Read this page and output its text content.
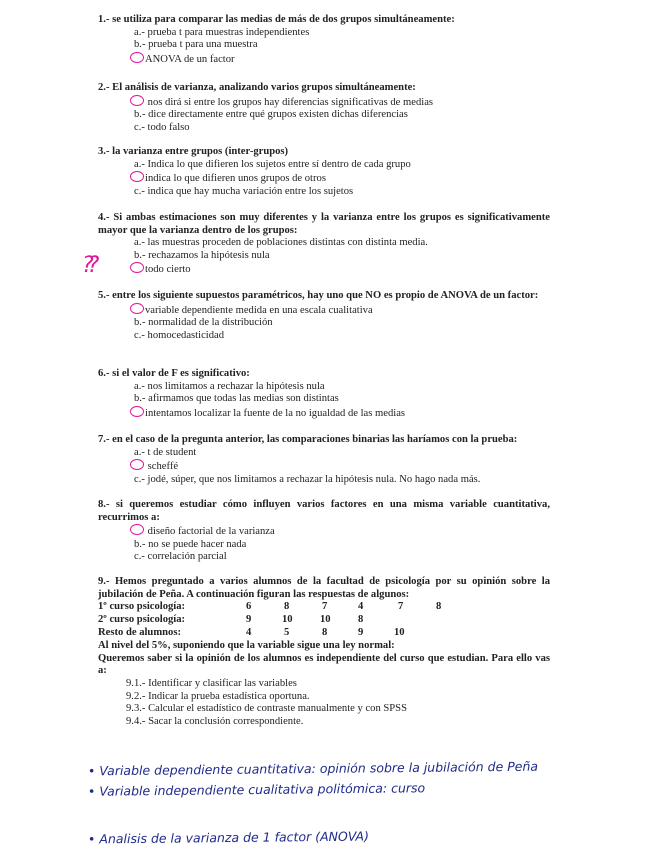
1.- se utiliza para comparar las medias de más de dos grupos simultáneamente:
a.- prueba t para muestras independientes
b.- prueba t para una muestra
ANOVA de un factor
2.- El análisis de varianza, analizando varios grupos simultáneamente:
nos dirá si entre los grupos hay diferencias significativas de medias
b.- dice directamente entre qué grupos existen dichas diferencias
c.- todo falso
3.- la varianza entre grupos (inter-grupos)
a.- Indica lo que difieren los sujetos entre sí dentro de cada grupo
indica lo que difieren unos grupos de otros
c.- indica que hay mucha variación entre los sujetos
4.- Si ambas estimaciones son muy diferentes y la varianza entre los grupos es significativamente mayor que la varianza dentro de los grupos:
a.- las muestras proceden de poblaciones distintas con distinta media.
b.- rechazamos la hipótesis nula
todo cierto
??
5.- entre los siguiente supuestos paramétricos, hay uno que NO es propio de ANOVA de un factor:
variable dependiente medida en una escala cualitativa
b.- normalidad de la distribución
c.- homocedasticidad
6.- si el valor de F es significativo:
a.- nos limitamos a rechazar la hipótesis nula
b.- afirmamos que todas las medias son distintas
intentamos localizar la fuente de la no igualdad de las medias
7.- en el caso de la pregunta anterior, las comparaciones binarias las haríamos con la prueba:
a.- t de student
scheffé
c.- jodé, súper, que nos limitamos a rechazar la hipótesis nula. No hago nada más.
8.- si queremos estudiar cómo influyen varios factores en una misma variable cuantitativa, recurrimos a:
diseño factorial de la varianza
b.- no se puede hacer nada
c.- correlación parcial
9.- Hemos preguntado a varios alumnos de la facultad de psicología por su opinión sobre la jubilación de Peña. A continuación figuran las respuestas de algunos:
1º curso psicología:	6	8	7	4	7	8
2º curso psicología:	9	10	10	8
Resto de alumnos:	4	5	8	9	10
Al nivel del 5%, suponiendo que la variable sigue una ley normal:
Queremos saber si la opinión de los alumnos es independiente del curso que estudian. Para ello vas a:
9.1.- Identificar y clasificar las variables
9.2.- Indicar la prueba estadística oportuna.
9.3.- Calcular el estadístico de contraste manualmente y con SPSS
9.4.- Sacar la conclusión correspondiente.
• Variable dependiente cuantitativa: opinión sobre la jubilación de Peña
• Variable independiente cualitativa politómica: curso
• Analisis de la varianza de 1 factor (ANOVA)
